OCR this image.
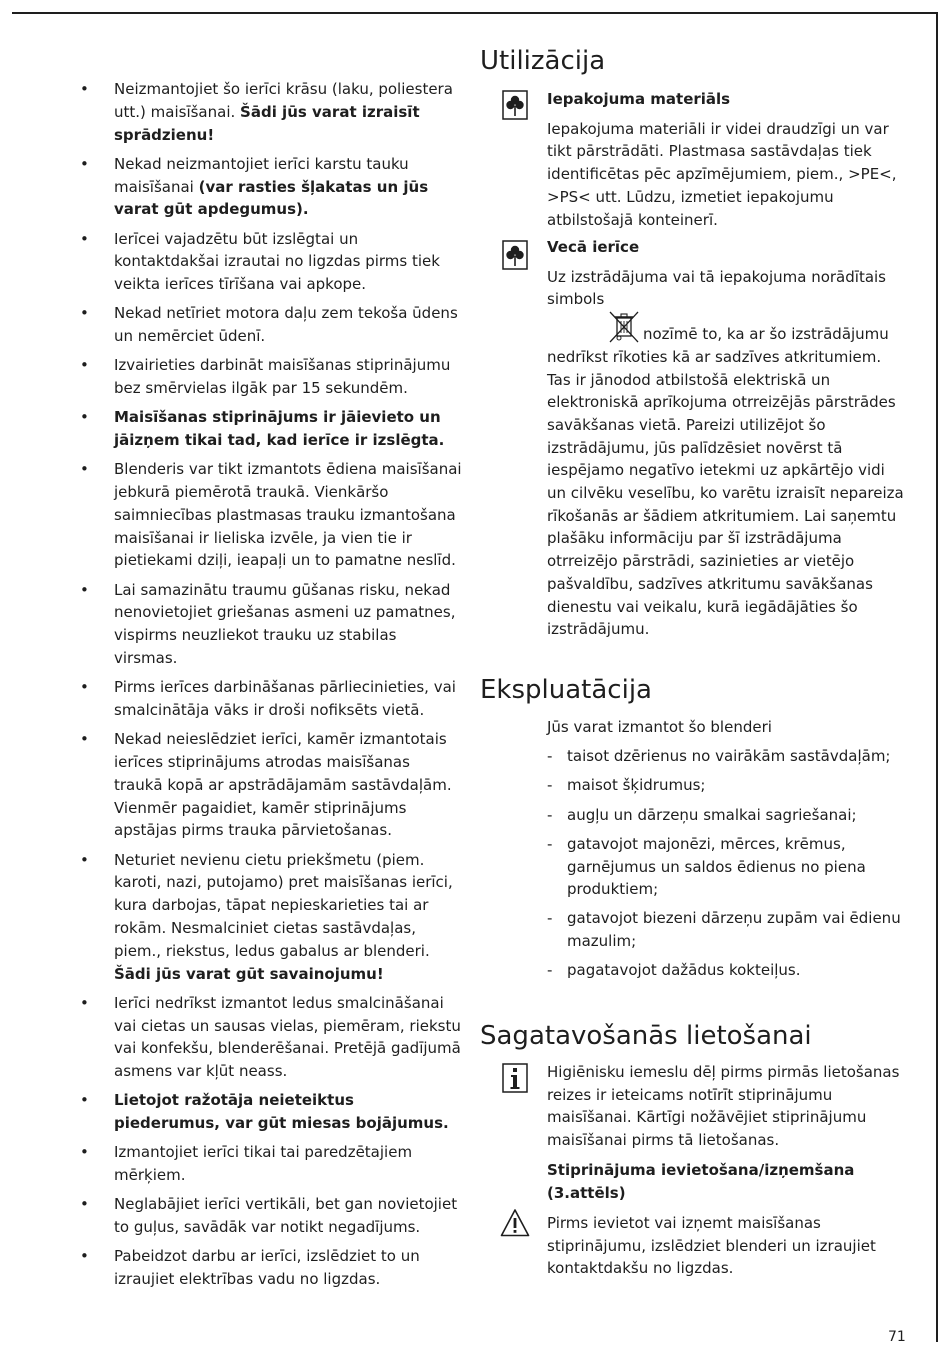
• Neizmantojiet šo ierīci krāsu (laku, poliestera utt.) maisīšanai. Šādi jūs varat izraisīt sprādzienu!
• Nekad neizmantojiet ierīci karstu tauku maisīšanai (var rasties šļakatas un jūs varat gūt apdegumus).
• Ierīcei vajadzētu būt izslēgtai un kontaktdakšai izrautai no ligzdas pirms tiek veikta ierīces tīrīšana vai apkope.
• Nekad netīriet motora daļu zem tekoša ūdens un nemērciet ūdenī.
• Izvairieties darbināt maisīšanas stiprinājumu bez smērvielas ilgāk par 15 sekundēm.
• Maisīšanas stiprinājums ir jāievieto un jāizņem tikai tad, kad ierīce ir izslēgta.
• Blenderis var tikt izmantots ēdiena maisīšanai jebkurā piemērotā traukā. Vienkāršo saimniecības plastmasas trauku izmantošana maisīšanai ir lieliska izvēle, ja vien tie ir pietiekami dziļi, ieapaļi un to pamatne neslīd.
• Lai samazinātu traumu gūšanas risku, nekad nenovietojiet griešanas asmeni uz pamatnes, vispirms neuzliekot trauku uz stabilas virsmas.
• Pirms ierīces darbināšanas pārliecinieties, vai smalcinātāja vāks ir droši nofiksēts vietā.
• Nekad neieslēdziet ierīci, kamēr izmantotais ierīces stiprinājums atrodas maisīšanas traukā kopā ar apstrādājamām sastāvdaļām. Vienmēr pagaidiet, kamēr stiprinājums apstājas pirms trauka pārvietošanas.
• Neturiet nevienu cietu priekšmetu (piem. karoti, nazi, putojamo) pret maisīšanas ierīci, kura darbojas, tāpat nepieskarieties tai ar rokām. Nesmalciniet cietas sastāvdaļas, piem., riekstus, ledus gabalus ar blenderi. Šādi jūs varat gūt savainojumu!
• Ierīci nedrīkst izmantot ledus smalcināšanai vai cietas un sausas vielas, piemēram, riekstu vai konfekšu, blenderēšanai. Pretējā gadījumā asmens var kļūt neass.
• Lietojot ražotāja neieteiktus piederumus, var gūt miesas bojājumus.
• Izmantojiet ierīci tikai tai paredzētajiem mērķiem.
• Neglabājiet ierīci vertikāli, bet gan novietojiet to guļus, savādāk var notikt negadījums.
• Pabeidzot darbu ar ierīci, izslēdziet to un izraujiet elektrības vadu no ligzdas.
Utilizācija

Iepakojuma materiāls

Iepakojuma materiāli ir videi draudzīgi un var tikt pārstrādāti. Plastmasa sastāvdaļas tiek identificētas pēc apzīmējumiem, piem., >PE<, >PS< utt. Lūdzu, izmetiet iepakojumu atbilstošajā konteinerī.

Vecā ierīce

Uz izstrādājuma vai tā iepakojuma norādītais simbols

nozīmē to, ka ar šo izstrādājumu nedrīkst rīkoties kā ar sadzīves atkritumiem. Tas ir jānodod atbilstošā elektriskā un elektroniskā aprīkojuma otrreizējās pārstrādes savākšanas vietā. Pareizi utilizējot šo izstrādājumu, jūs palīdzēsiet novērst tā iespējamo negatīvo ietekmi uz apkārtējo vidi un cilvēku veselību, ko varētu izraisīt nepareiza rīkošanās ar šādiem atkritumiem. Lai saņemtu plašāku informāciju par šī izstrādājuma otrreizējo pārstrādi, sazinieties ar vietējo pašvaldību, sadzīves atkritumu savākšanas dienestu vai veikalu, kurā iegādājāties šo izstrādājumu.

Ekspluatācija

Jūs varat izmantot šo blenderi

- taisot dzērienus no vairākām sastāvdaļām;
- maisot šķidrumus;
- augļu un dārzeņu smalkai sagriešanai;
- gatavojot majonēzi, mērces, krēmus, garnējumus un saldos ēdienus no piena produktiem;
- gatavojot biezeni dārzeņu zupām vai ēdienu mazulim;
- pagatavojot dažādus kokteiļus.
Sagatavošanās lietošanai

Higiēnisku iemeslu dēļ pirms pirmās lietošanas reizes ir ieteicams notīrīt stiprinājumu maisīšanai. Kārtīgi nožāvējiet stiprinājumu maisīšanai pirms tā lietošanas.

Stiprinājuma ievietošana/izņemšana (3.attēls)

Pirms ievietot vai izņemt maisīšanas stiprinājumu, izslēdziet blenderi un izraujiet kontaktdakšu no ligzdas.

71
